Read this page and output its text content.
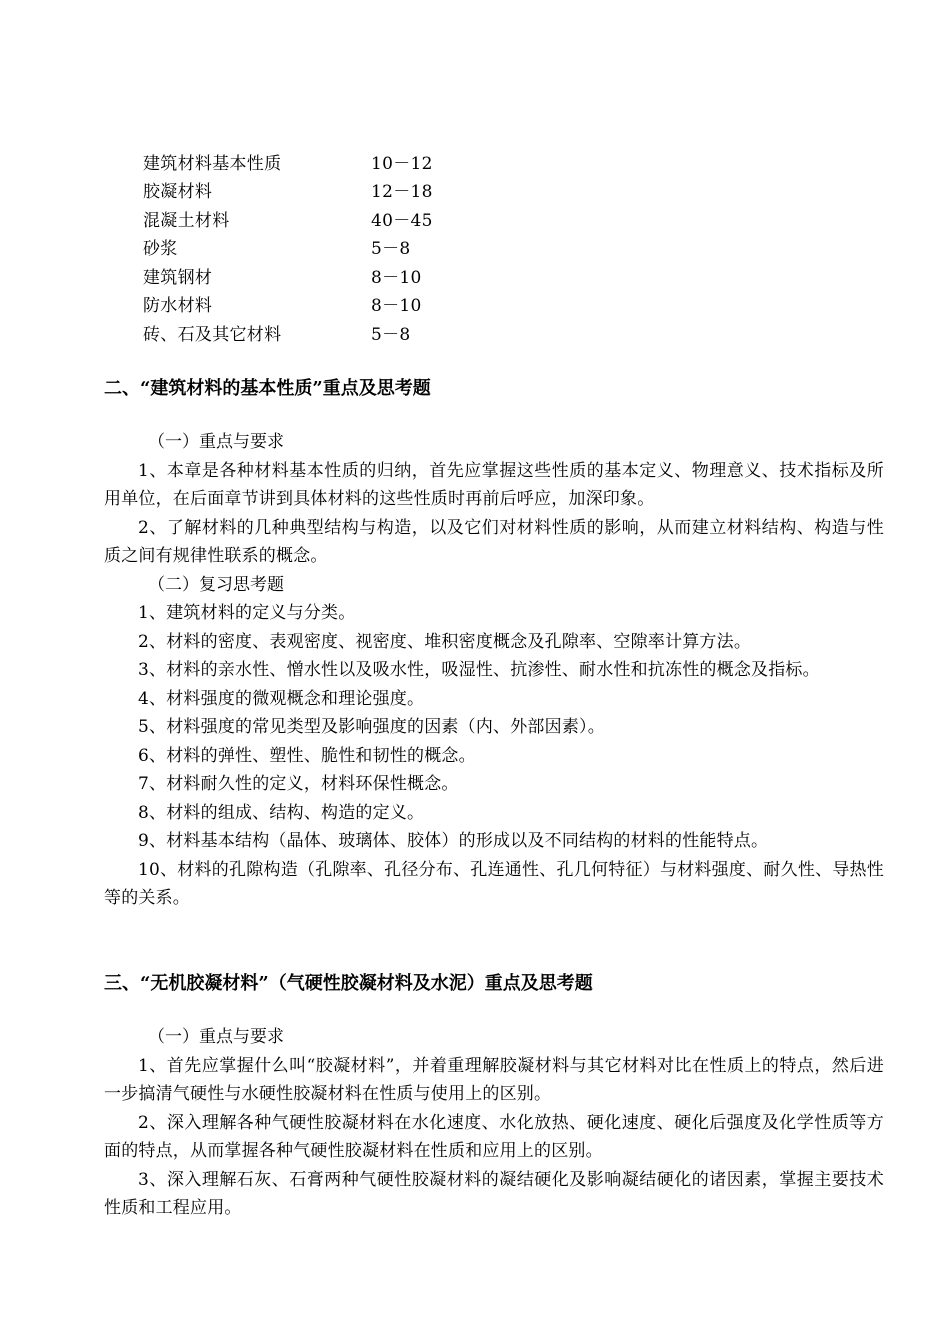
建筑材料基本性质	10－12
胶凝材料	12－18
混凝土材料	40－45
砂浆	5－8
建筑钢材	8－10
防水材料	8－10
砖、石及其它材料	5－8
二、“建筑材料的基本性质”重点及思考题

（一）重点与要求

1、本章是各种材料基本性质的归纳，首先应掌握这些性质的基本定义、物理意义、技术指标及所用单位，在后面章节讲到具体材料的这些性质时再前后呼应，加深印象。

2、了解材料的几种典型结构与构造，以及它们对材料性质的影响，从而建立材料结构、构造与性质之间有规律性联系的概念。

（二）复习思考题

1、建筑材料的定义与分类。

2、材料的密度、表观密度、视密度、堆积密度概念及孔隙率、空隙率计算方法。

3、材料的亲水性、憎水性以及吸水性，吸湿性、抗渗性、耐水性和抗冻性的概念及指标。

4、材料强度的微观概念和理论强度。

5、材料强度的常见类型及影响强度的因素（内、外部因素）。

6、材料的弹性、塑性、脆性和韧性的概念。

7、材料耐久性的定义，材料环保性概念。

8、材料的组成、结构、构造的定义。

9、材料基本结构（晶体、玻璃体、胶体）的形成以及不同结构的材料的性能特点。

10、材料的孔隙构造（孔隙率、孔径分布、孔连通性、孔几何特征）与材料强度、耐久性、导热性等的关系。

三、“无机胶凝材料”（气硬性胶凝材料及水泥）重点及思考题

（一）重点与要求

1、首先应掌握什么叫“胶凝材料”，并着重理解胶凝材料与其它材料对比在性质上的特点，然后进一步搞清气硬性与水硬性胶凝材料在性质与使用上的区别。

2、深入理解各种气硬性胶凝材料在水化速度、水化放热、硬化速度、硬化后强度及化学性质等方面的特点，从而掌握各种气硬性胶凝材料在性质和应用上的区别。

3、深入理解石灰、石膏两种气硬性胶凝材料的凝结硬化及影响凝结硬化的诸因素，掌握主要技术性质和工程应用。
